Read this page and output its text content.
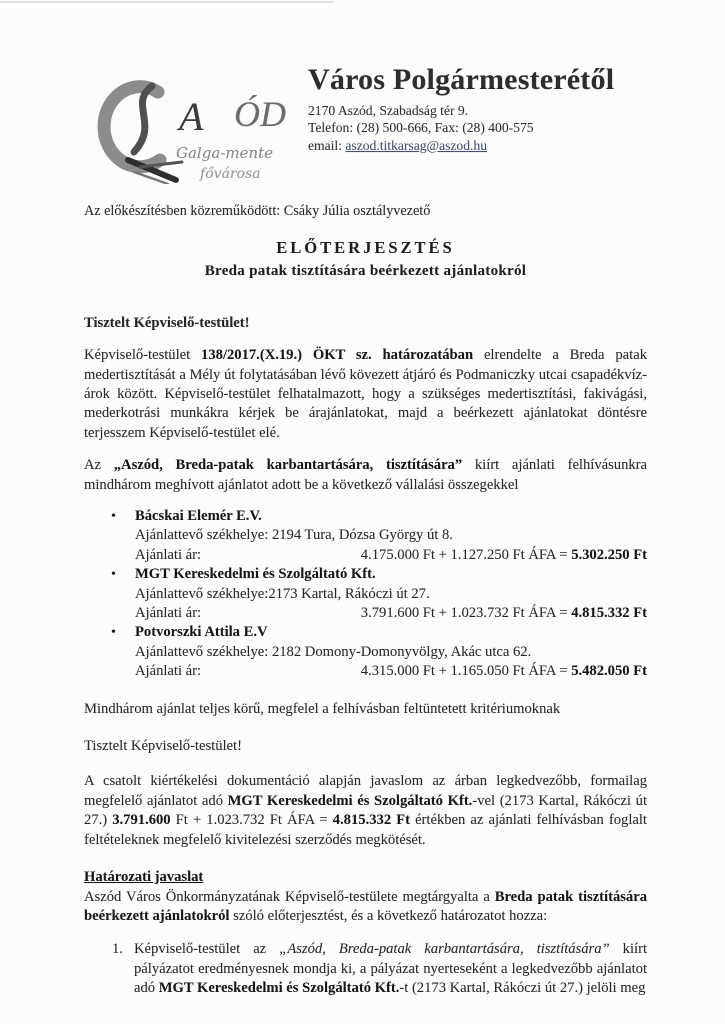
A ÓD
Galga-mente
fővárosa
Város Polgármesterétől
2170 Aszód, Szabadság tér 9.
Telefon: (28) 500-666, Fax: (28) 400-575
email: aszod.titkarsag@aszod.hu
Az előkészítésben közreműködött: Csáky Júlia osztályvezető
ELŐTERJESZTÉS
Breda patak tisztítására beérkezett ajánlatokról
Tisztelt Képviselő-testület!

Képviselő-testület 138/2017.(X.19.) ÖKT sz. határozatában elrendelte a Breda patak medertisztítását a Mély út folytatásában lévő kövezett átjáró és Podmaniczky utcai csapadékvíz-árok között. Képviselő-testület felhatalmazott, hogy a szükséges medertisztítási, fakivágási, mederkotrási munkákra kérjek be árajánlatokat, majd a beérkezett ajánlatokat döntésre terjesszem Képviselő-testület elé.

Az „Aszód, Breda-patak karbantartására, tisztítására” kiírt ajánlati felhívásunkra mindhárom meghívott ajánlatot adott be a következő vállalási összegekkel

• Bácskai Elemér E.V.
Ajánlattevő székhelye: 2194 Tura, Dózsa György út 8.
Ajánlati ár:	4.175.000 Ft + 1.127.250 Ft ÁFA = 5.302.250 Ft
• MGT Kereskedelmi és Szolgáltató Kft.
Ajánlattevő székhelye:2173 Kartal, Rákóczi út 27.
Ajánlati ár:	3.791.600 Ft + 1.023.732 Ft ÁFA = 4.815.332 Ft
• Potvorszki Attila E.V
Ajánlattevő székhelye: 2182 Domony-Domonyvölgy, Akác utca 62.
Ajánlati ár:	4.315.000 Ft + 1.165.050 Ft ÁFA = 5.482.050 Ft

Mindhárom ajánlat teljes körű, megfelel a felhívásban feltüntetett kritériumoknak

Tisztelt Képviselő-testület!

A csatolt kiértékelési dokumentáció alapján javaslom az árban legkedvezőbb, formailag megfelelő ajánlatot adó MGT Kereskedelmi és Szolgáltató Kft.-vel (2173 Kartal, Rákóczi út 27.) 3.791.600 Ft + 1.023.732 Ft ÁFA = 4.815.332 Ft értékben az ajánlati felhívásban foglalt feltételeknek megfelelő kivitelezési szerződés megkötését.

Határozati javaslat

Aszód Város Önkormányzatának Képviselő-testülete megtárgyalta a Breda patak tisztítására beérkezett ajánlatokról szóló előterjesztést, és a következő határozatot hozza:

1. Képviselő-testület az „Aszód, Breda-patak karbantartására, tisztítására” kiírt pályázatot eredményesnek mondja ki, a pályázat nyerteseként a legkedvezőbb ajánlatot adó MGT Kereskedelmi és Szolgáltató Kft.-t (2173 Kartal, Rákóczi út 27.) jelöli meg
